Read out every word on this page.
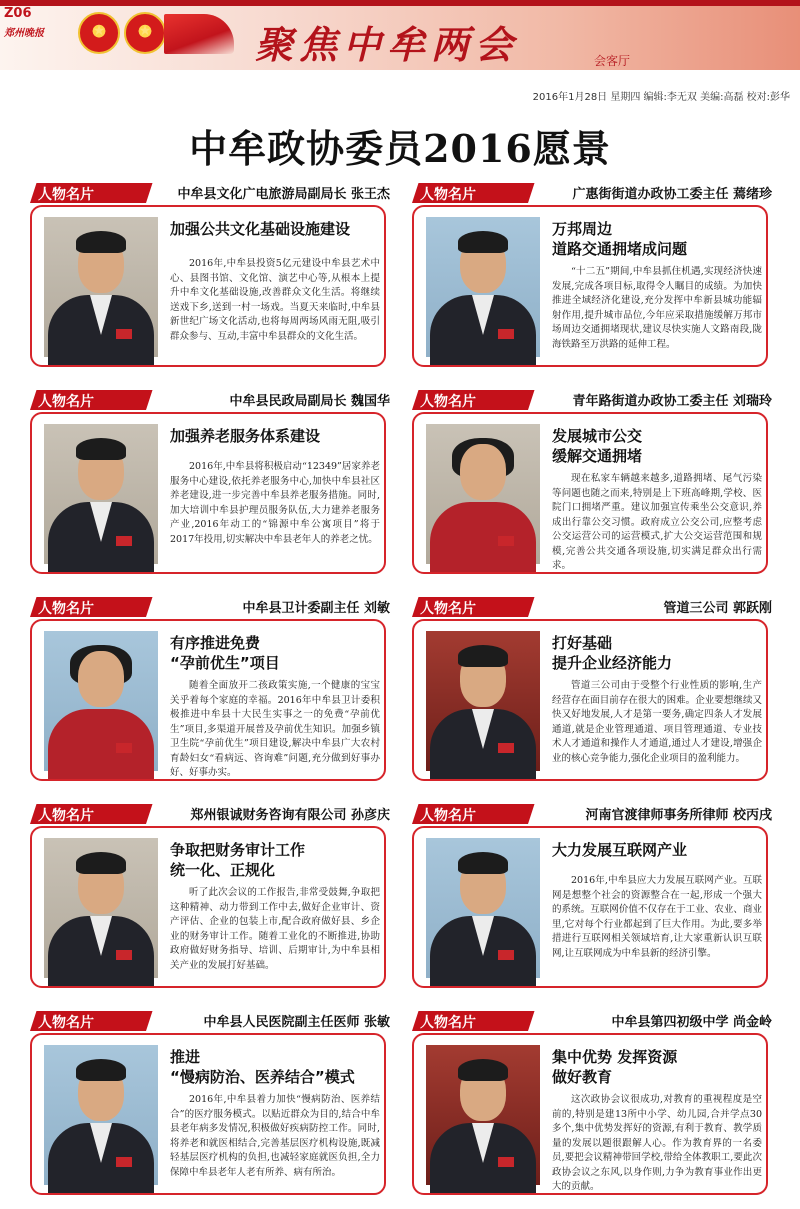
Z06
郑州晚报	★	★	聚焦中牟两会	会客厅
2016年1月28日 星期四 编辑:李无双 美编:高磊 校对:彭华
中牟政协委员2016愿景
人物名片	中牟县文化广电旅游局副局长 张王杰
加强公共文化基础设施建设
2016年,中牟县投资5亿元建设中牟县艺术中心、县图书馆、文化馆、演艺中心等,从根本上提升中牟文化基础设施,改善群众文化生活。将继续送戏下乡,送到一村一场戏。当夏天来临时,中牟县新世纪广场文化活动,也将每周两场风雨无阻,吸引群众参与、互动,丰富中牟县群众的文化生活。
人物名片	广惠街街道办政协工委主任 蔫绪珍
万邦周边
道路交通拥堵成问题
“十二五”期间,中牟县抓住机遇,实现经济快速发展,完成各项目标,取得令人瞩目的成绩。为加快推进全域经济化建设,充分发挥中牟新县城功能辐射作用,提升城市品位,今年应采取措施缓解万邦市场周边交通拥堵现状,建议尽快实施人文路南段,陇海铁路至万洪路的延伸工程。
人物名片	中牟县民政局副局长 魏国华
加强养老服务体系建设
2016年,中牟县将积极启动“12349”居家养老服务中心建设,依托养老服务中心,加快中牟县社区养老建设,进一步完善中牟县养老服务措施。同时,加大培训中牟县护理员服务队伍,大力建养老服务产业,2016年动工的“锦源中牟公寓项目”将于2017年投用,切实解决中牟县老年人的养老之忧。
人物名片	青年路街道办政协工委主任 刘瑞玲
发展城市公交
缓解交通拥堵
现在私家车辆越来越多,道路拥堵、尾气污染等问题也随之而来,特别是上下班高峰期,学校、医院门口拥堵严重。建议加强宣传乘坐公交意识,养成出行靠公交习惯。政府成立公交公司,应整考虑公交运营公司的运营模式,扩大公交运营范围和规模,完善公共交通各项设施,切实满足群众出行需求。
人物名片	中牟县卫计委副主任 刘敏
有序推进免费
“孕前优生”项目
随着全面放开二孩政策实施,一个健康的宝宝关乎着每个家庭的幸福。2016年中牟县卫计委积极推进中牟县十大民生实事之一的免费“孕前优生”项目,多渠道开展普及孕前优生知识。加强乡镇卫生院“孕前优生”项目建设,解决中牟县广大农村育龄妇女“看病远、咨询难”问题,充分做到好事办好、好事办实。
人物名片	管道三公司 郭跃刚
打好基础
提升企业经济能力
管道三公司由于受整个行业性质的影响,生产经营存在面目前存在很大的困难。企业要想继续又快又好地发展,人才是第一要务,确定四条人才发展通道,就是企业管理通道、项目管理通道、专业技术人才通道和操作人才通道,通过人才建设,增强企业的核心竞争能力,强化企业项目的盈利能力。
人物名片	郑州银诚财务咨询有限公司 孙彦庆
争取把财务审计工作
统一化、正规化
听了此次会议的工作报告,非常受鼓舞,争取把这种精神、动力带到工作中去,做好企业审计、资产评估、企业的包装上市,配合政府做好县、乡企业的财务审计工作。随着工业化的不断推进,协助政府做好财务指导、培训、后期审计,为中牟县相关产业的发展打好基础。
人物名片	河南官渡律师事务所律师 校丙戌
大力发展互联网产业
2016年,中牟县应大力发展互联网产业。互联网是想整个社会的资源整合在一起,形成一个强大的系统。互联网价值不仅存在于工业、农业、商业里,它对每个行业都起到了巨大作用。为此,要多举措进行互联网相关领域培育,让大家重新认识互联网,让互联网成为中牟县新的经济引擎。
人物名片	中牟县人民医院副主任医师 张敏
推进
“慢病防治、医养结合”模式
2016年,中牟县着力加快“慢病防治、医养结合”的医疗服务模式。以贴近群众为目的,结合中牟县老年病多发情况,积极做好疾病防控工作。同时,将养老和就医相结合,完善基层医疗机构设施,既减轻基层医疗机构的负担,也减轻家庭就医负担,全力保障中牟县老年人老有所养、病有所治。
人物名片	中牟县第四初级中学 尚金岭
集中优势 发挥资源
做好教育
这次政协会议很成功,对教育的重视程度是空前的,特别是建13所中小学、幼儿园,合并学点30多个,集中优势发挥好的资源,有利于教育、教学质量的发展以题很跟解人心。作为教育界的一名委员,要把会议精神带回学校,带给全体教职工,要此次政协会议之东风,以身作则,力争为教育事业作出更大的贡献。
